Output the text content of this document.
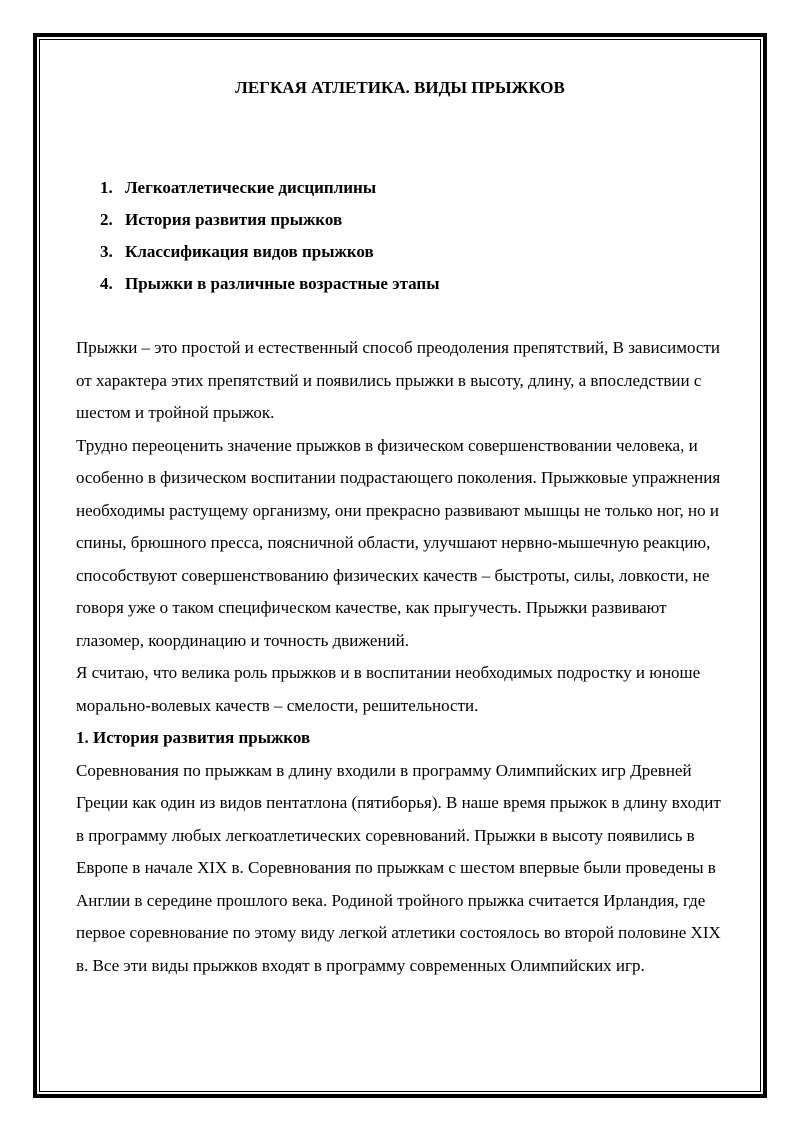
ЛЕГКАЯ АТЛЕТИКА. ВИДЫ ПРЫЖКОВ
1. Легкоатлетические дисциплины
2. История развития прыжков
3. Классификация видов прыжков
4. Прыжки в различные возрастные этапы

Прыжки – это простой и естественный способ преодоления препятствий, В зависимости от характера этих препятствий и появились прыжки в высоту, длину, а впоследствии с шестом и тройной прыжок.

Трудно переоценить значение прыжков в физическом совершенствовании человека, и особенно в физическом воспитании подрастающего поколения. Прыжковые упражнения необходимы растущему организму, они прекрасно развивают мышцы не только ног, но и спины, брюшного пресса, поясничной области, улучшают нервно-мышечную реакцию, способствуют совершенствованию физических качеств – быстроты, силы, ловкости, не говоря уже о таком специфическом качестве, как прыгучесть. Прыжки развивают глазомер, координацию и точность движений.

Я считаю, что велика роль прыжков и в воспитании необходимых подростку и юноше морально-волевых качеств – смелости, решительности.

1. История развития прыжков

Соревнования по прыжкам в длину входили в программу Олимпийских игр Древней Греции как один из видов пентатлона (пятиборья). В наше время прыжок в длину входит в программу любых легкоатлетических соревнований. Прыжки в высоту появились в Европе в начале XIX в. Соревнования по прыжкам с шестом впервые были проведены в Англии в середине прошлого века. Родиной тройного прыжка считается Ирландия, где первое соревнование по этому виду легкой атлетики состоялось во второй половине XIX в. Все эти виды прыжков входят в программу современных Олимпийских игр.
